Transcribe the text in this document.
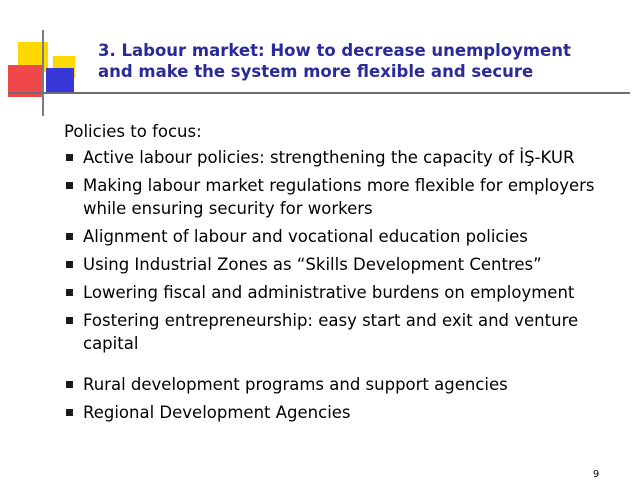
3. Labour market: How to decrease unemployment
and make the system more flexible and secure

Policies to focus:

Active labour policies: strengthening the capacity of İŞ-KUR
Making labour market regulations more flexible for employers
while ensuring security for workers
Alignment of labour and vocational education policies
Using Industrial Zones as “Skills Development Centres”
Lowering fiscal and administrative burdens on employment
Fostering entrepreneurship: easy start and exit and venture
capital
Rural development programs and support agencies
Regional Development Agencies
9
